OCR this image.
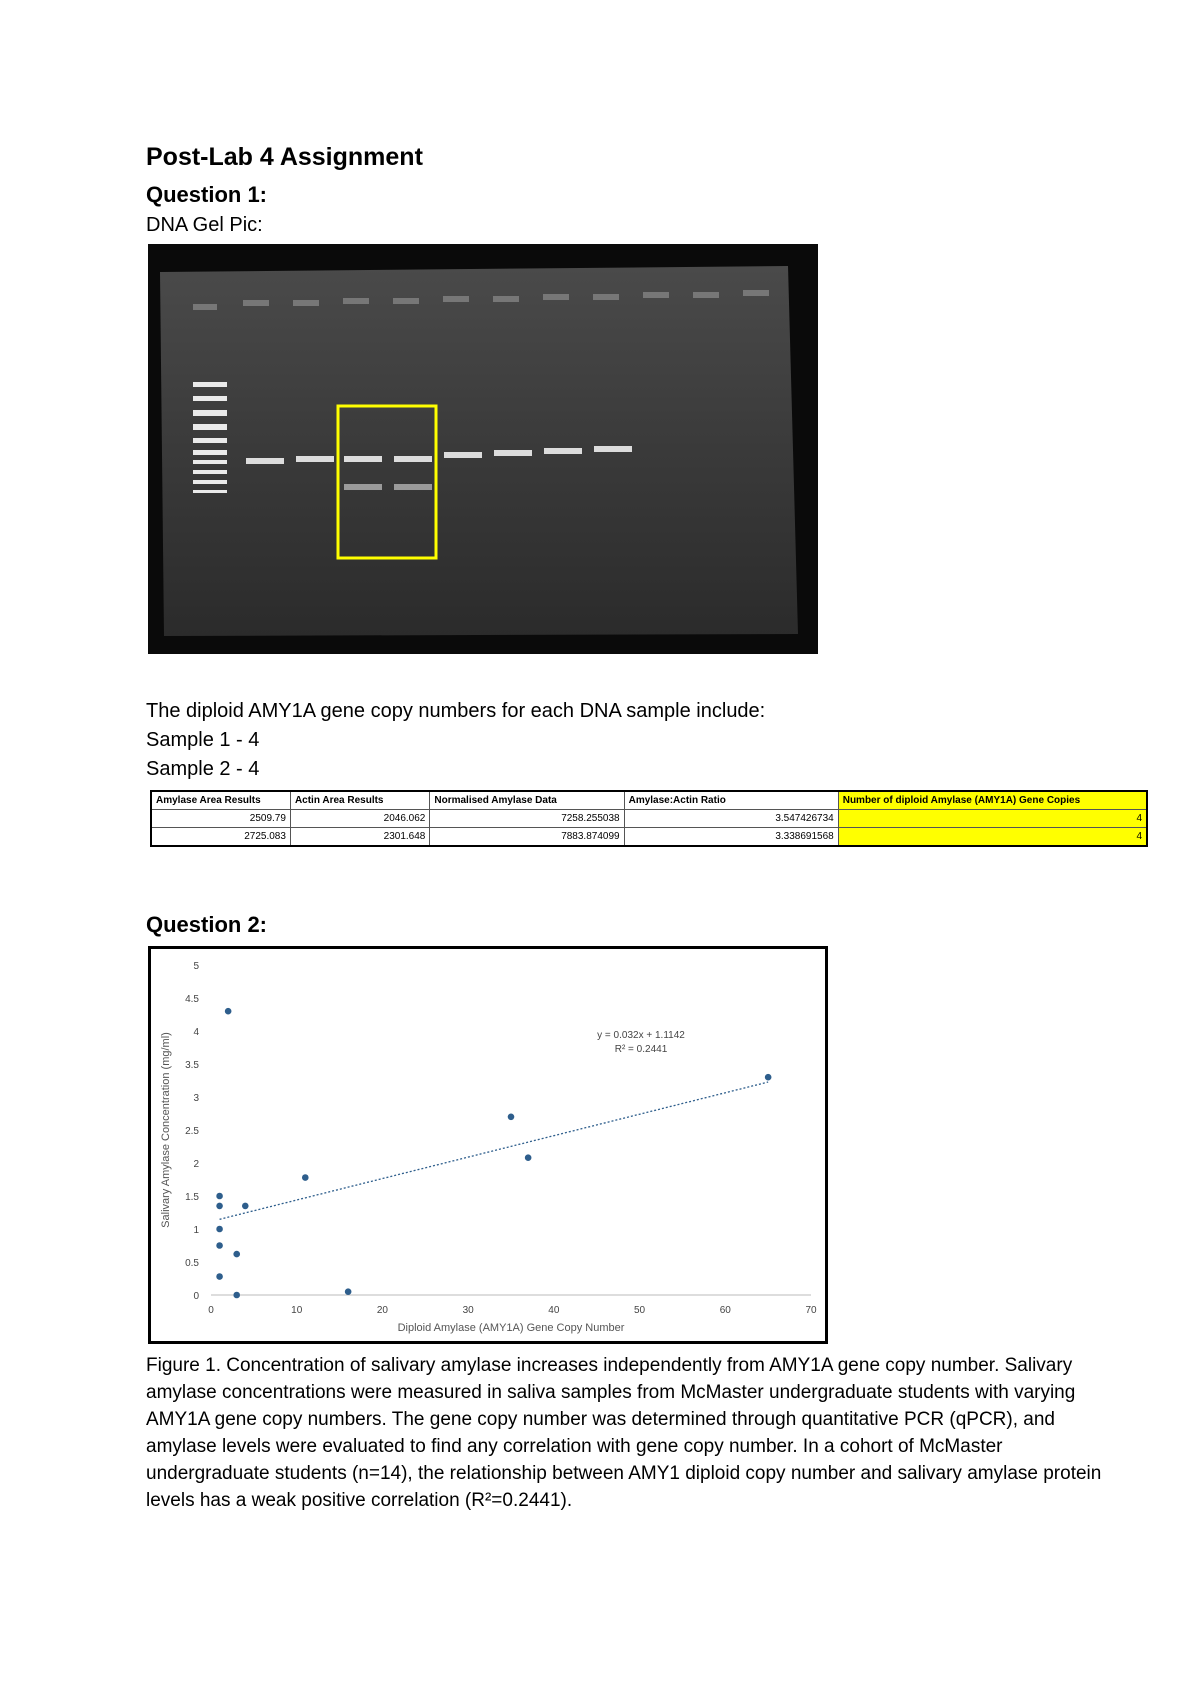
Post-Lab 4 Assignment
Question 1:
DNA Gel Pic:
The diploid AMY1A gene copy numbers for each DNA sample include:
Sample 1 - 4
Sample 2 - 4
Amylase Area Results	Actin Area Results	Normalised Amylase Data	Amylase:Actin Ratio	Number of diploid Amylase (AMY1A) Gene Copies
2509.79	2046.062	7258.255038	3.547426734	4
2725.083	2301.648	7883.874099	3.338691568	4
Question 2:
0	10	20	30	40	50	60	70
0
0.5
1
1.5
2
2.5
3
3.5
4
4.5
5
Diploid Amylase (AMY1A) Gene Copy Number
Salivary Amylase Concentration (mg/ml)	y = 0.032x + 1.1142
R² = 0.2441
Figure 1. Concentration of salivary amylase increases independently from AMY1A gene copy number. Salivary amylase concentrations were measured in saliva samples from McMaster undergraduate students with varying AMY1A gene copy numbers. The gene copy number was determined through quantitative PCR (qPCR), and amylase levels were evaluated to find any correlation with gene copy number. In a cohort of McMaster undergraduate students (n=14), the relationship between AMY1 diploid copy number and salivary amylase protein levels has a weak positive correlation (R²=0.2441).
